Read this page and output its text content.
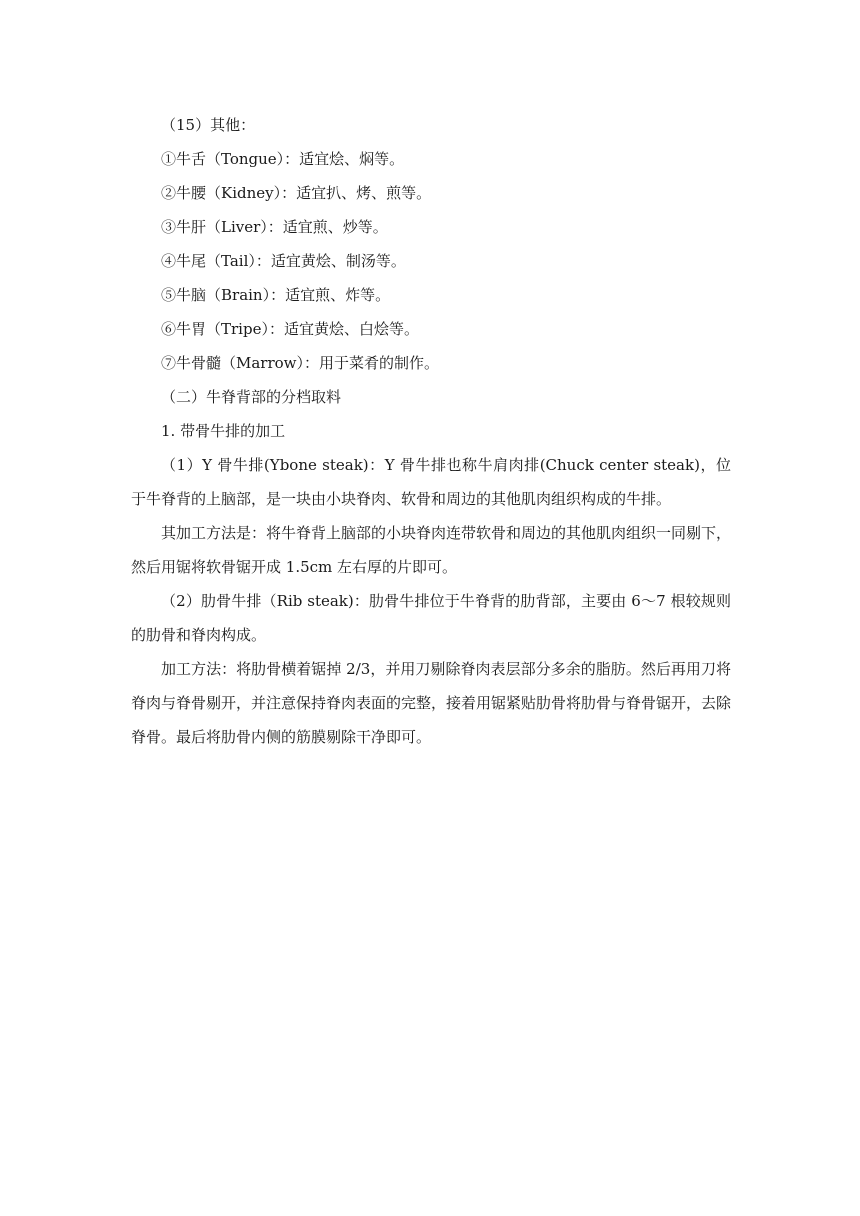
（15）其他：
①牛舌（Tongue）：适宜烩、焖等。
②牛腰（Kidney）：适宜扒、烤、煎等。
③牛肝（Liver）：适宜煎、炒等。
④牛尾（Tail）：适宜黄烩、制汤等。
⑤牛脑（Brain）：适宜煎、炸等。
⑥牛胃（Tripe）：适宜黄烩、白烩等。
⑦牛骨髓（Marrow）：用于菜肴的制作。
（二）牛脊背部的分档取料
1. 带骨牛排的加工
（1）Y 骨牛排(Ybone steak)：Y 骨牛排也称牛肩肉排(Chuck center steak)，位于牛脊背的上脑部，是一块由小块脊肉、软骨和周边的其他肌肉组织构成的牛排。
其加工方法是：将牛脊背上脑部的小块脊肉连带软骨和周边的其他肌肉组织一同剔下，然后用锯将软骨锯开成 1.5cm 左右厚的片即可。
（2）肋骨牛排（Rib steak)：肋骨牛排位于牛脊背的肋背部，主要由 6～7 根较规则的肋骨和脊肉构成。
加工方法：将肋骨横着锯掉 2/3，并用刀剔除脊肉表层部分多余的脂肪。然后再用刀将脊肉与脊骨剔开，并注意保持脊肉表面的完整，接着用锯紧贴肋骨将肋骨与脊骨锯开，去除脊骨。最后将肋骨内侧的筋膜剔除干净即可。
